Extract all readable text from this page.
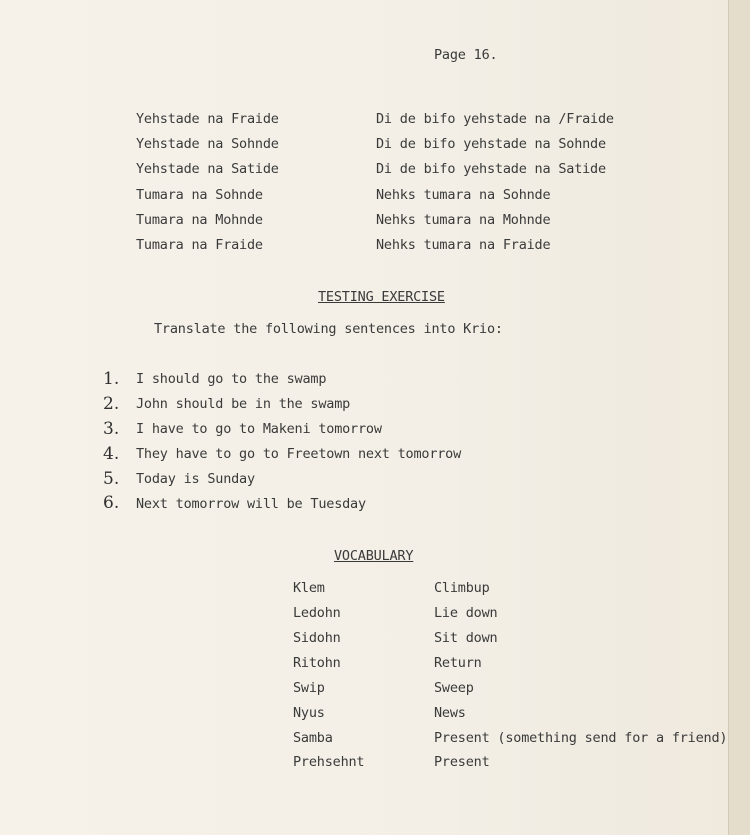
Page 16.
Yehstade na Fraide	Di de bifo yehstade na /Fraide
Yehstade na Sohnde	Di de bifo yehstade na Sohnde
Yehstade na Satide	Di de bifo yehstade na Satide
Tumara na Sohnde	Nehks tumara na Sohnde
Tumara na Mohnde	Nehks tumara na Mohnde
Tumara na Fraide	Nehks tumara na Fraide
TESTING EXERCISE
Translate the following sentences into Krio:
1. I should go to the swamp
2. John should be in the swamp
3. I have to go to Makeni tomorrow
4. They have to go to Freetown next tomorrow
5. Today is Sunday
6. Next tomorrow will be Tuesday
VOCABULARY
Klem	Climbup
Ledohn	Lie down
Sidohn	Sit down
Ritohn	Return
Swip	Sweep
Nyus	News
Samba	Present (something send for a friend)
Prehsehnt	Present
